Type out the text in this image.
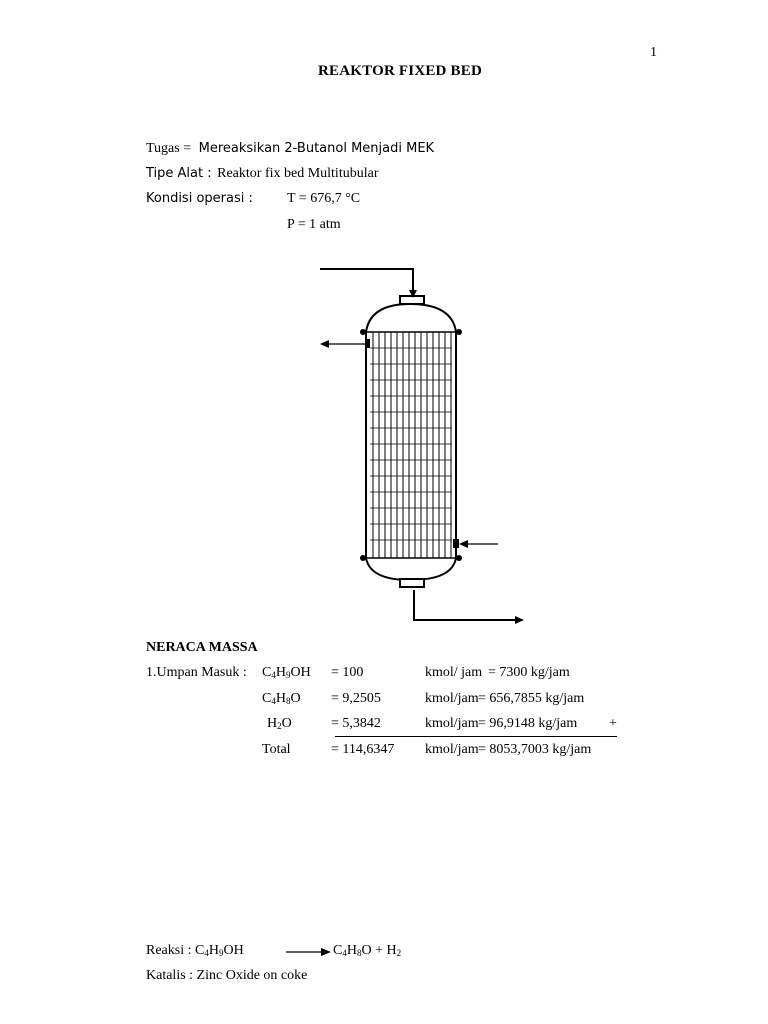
1
REAKTOR FIXED BED
Tugas = Mereaksikan 2-Butanol Menjadi MEK
Tipe Alat : Reaktor fix bed Multitubular
Kondisi operasi : T = 676,7 °C
P = 1 atm
NERACA MASSA
1.Umpan Masuk : $C_4H_9OH = 100$	kmol/ jam = 7300 kg/jam
$C_4H_8O = 9,2505$	kmol/jam = 656,7855 kg/jam
$H_2O$	= 5,3842	kmol/jam = 96,9148 kg/jam +
Total	= 114,6347 kmol/jam = 8053,7003 kg/jam
Reaksi : $C_4H_9OH$	→ $C_4H_8O + H_2$
Katalis : Zinc Oxide on coke
